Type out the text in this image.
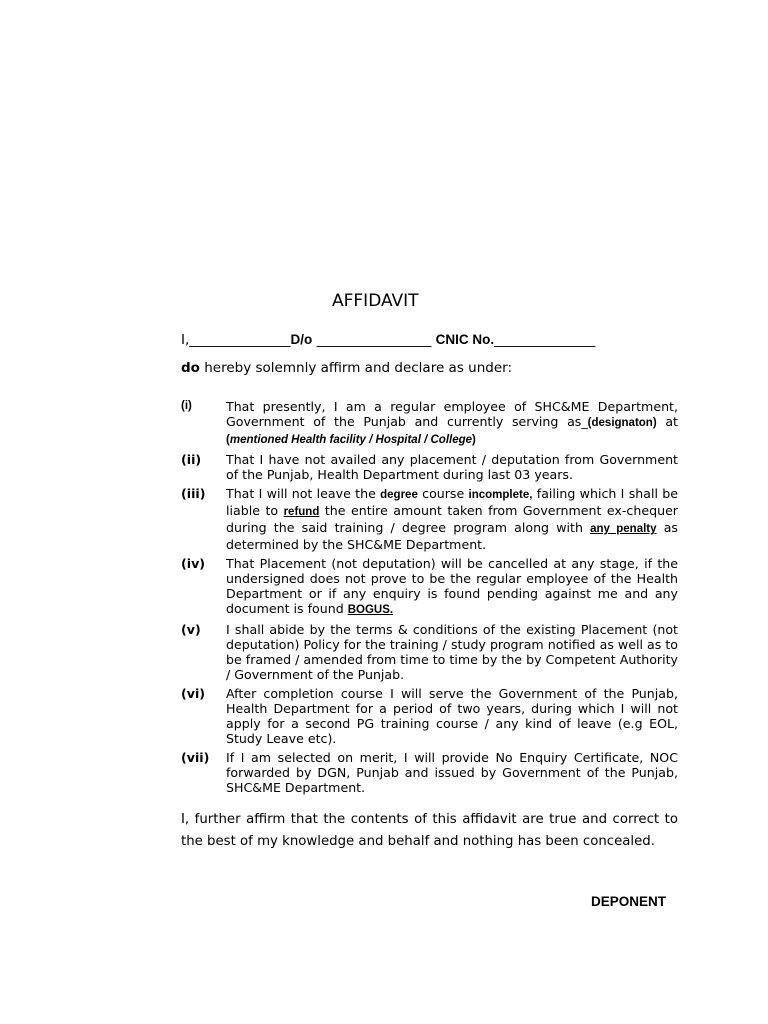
AFFIDAVIT
I,_______________D/o _________________ CNIC No._______________
do hereby solemnly affirm and declare as under:
(i)	That presently, I am a regular employee of SHC&ME Department, Government of the Punjab and currently serving as_(designaton) at (mentioned Health facility / Hospital / College)
(ii)	That I have not availed any placement / deputation from Government of the Punjab, Health Department during last 03 years.
(iii)	That I will not leave the degree course incomplete, failing which I shall be liable to refund the entire amount taken from Government ex-chequer during the said training / degree program along with any penalty as determined by the SHC&ME Department.
(iv)	That Placement (not deputation) will be cancelled at any stage, if the undersigned does not prove to be the regular employee of the Health Department or if any enquiry is found pending against me and any document is found BOGUS.
(v)	I shall abide by the terms & conditions of the existing Placement (not deputation) Policy for the training / study program notified as well as to be framed / amended from time to time by the by Competent Authority / Government of the Punjab.
(vi)	After completion course I will serve the Government of the Punjab, Health Department for a period of two years, during which I will not apply for a second PG training course / any kind of leave (e.g EOL, Study Leave etc).
(vii)	If I am selected on merit, I will provide No Enquiry Certificate, NOC forwarded by DGN, Punjab and issued by Government of the Punjab, SHC&ME Department.
I, further affirm that the contents of this affidavit are true and correct to the best of my knowledge and behalf and nothing has been concealed.
DEPONENT
